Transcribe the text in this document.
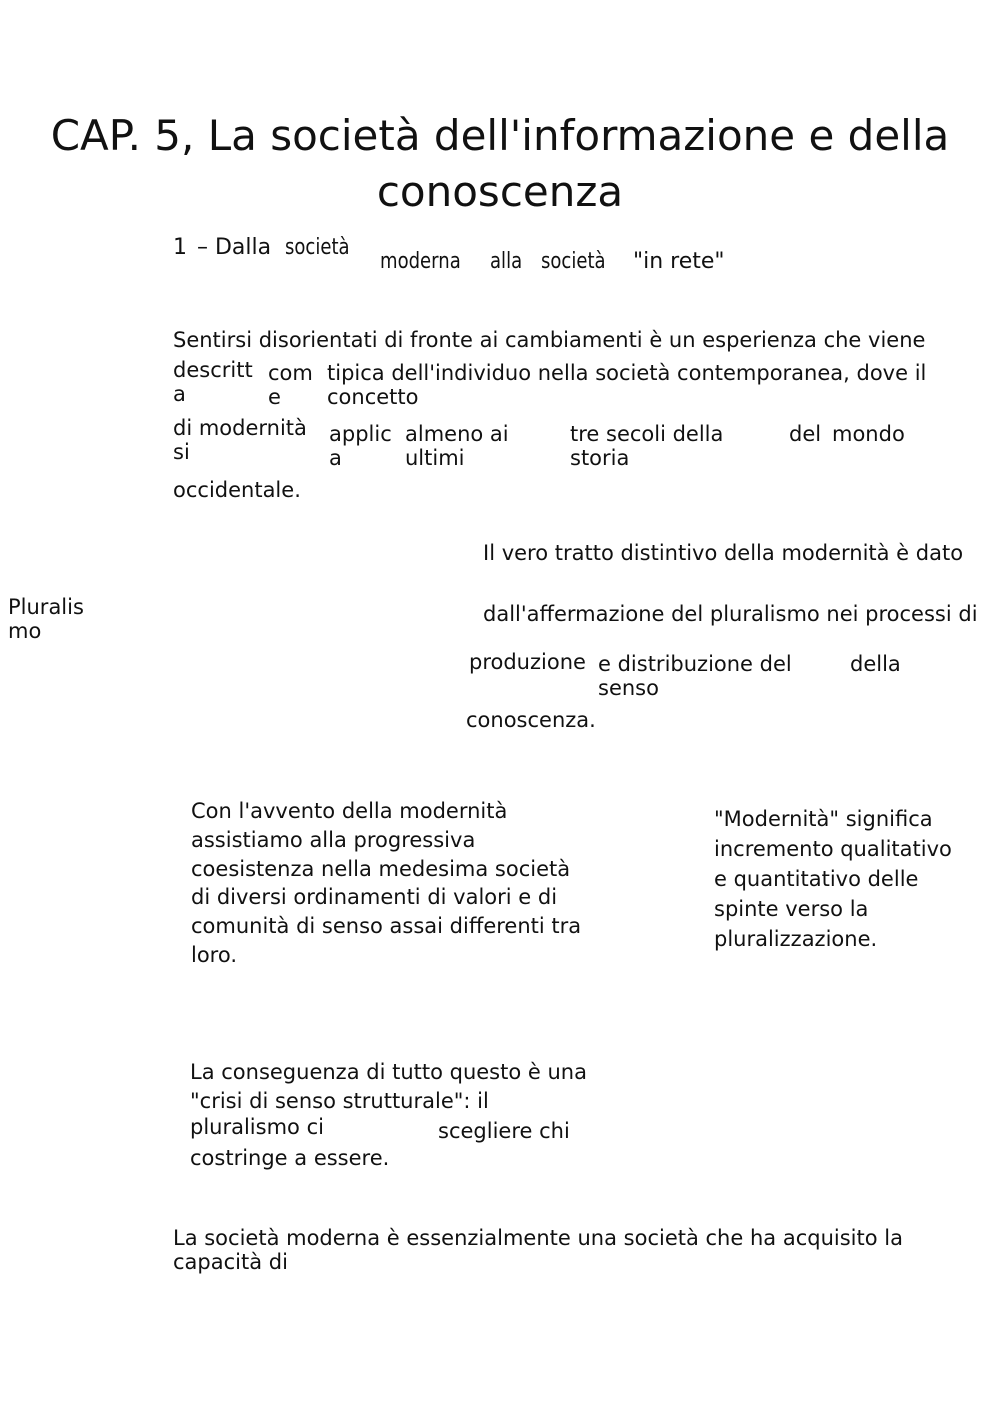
CAP. 5, La società dell'informazione e della conoscenza
1 – Dalla società
moderna alla società "in rete"
Sentirsi disorientati di fronte ai cambiamenti è un esperienza che viene
descritt a
com e
tipica dell'individuo nella società contemporanea, dove il concetto
di modernità si
applic a
almeno ai ultimi
tre secoli della storia
del mondo
occidentale.
Pluralis mo
Il vero tratto distintivo della modernità è dato
dall'affermazione del pluralismo nei processi di
produzione e distribuzione del senso
della
conoscenza.
Con l'avvento della modernità assistiamo alla progressiva coesistenza nella medesima società di diversi ordinamenti di valori e di comunità di senso assai differenti tra loro.
"Modernità" significa incremento qualitativo e quantitativo delle spinte verso la pluralizzazione.
La conseguenza di tutto questo è una "crisi di senso strutturale": il
pluralismo ci	scegliere chi
costringe a essere.
La società moderna è essenzialmente una società che ha acquisito la capacità di
